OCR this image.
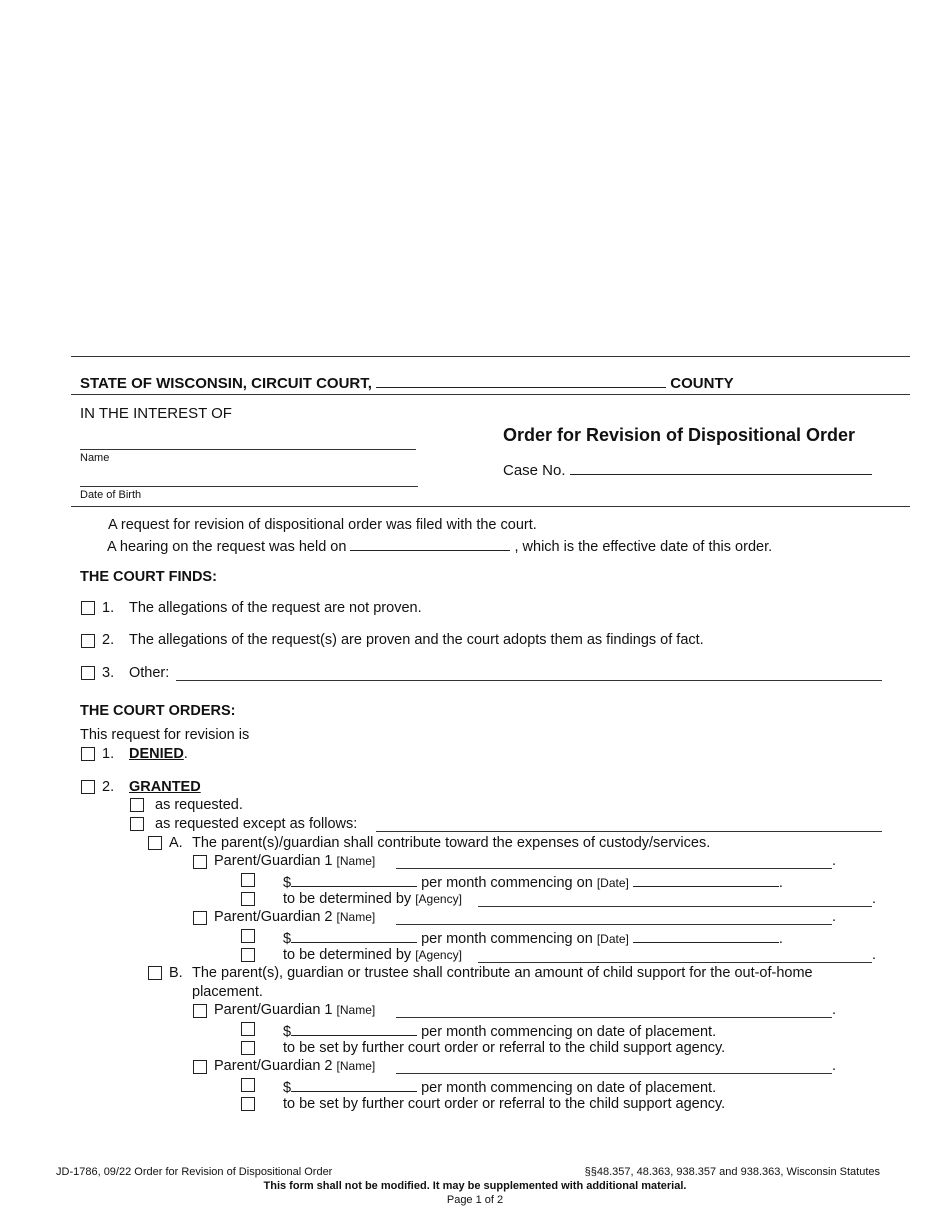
STATE OF WISCONSIN, CIRCUIT COURT,	COUNTY
IN THE INTEREST OF
Name
Date of Birth
Order for Revision of Dispositional Order
Case No.
A request for revision of dispositional order was filed with the court.
A hearing on the request was held on	, which is the effective date of this order.
THE COURT FINDS:
1. The allegations of the request are not proven.
2. The allegations of the request(s) are proven and the court adopts them as findings of fact.
3. Other:
THE COURT ORDERS:
This request for revision is
1. DENIED.
2. GRANTED
as requested.
as requested except as follows:
A. The parent(s)/guardian shall contribute toward the expenses of custody/services.
Parent/Guardian 1 [Name]	.
$	per month commencing on [Date]	.
to be determined by [Agency]	.
Parent/Guardian 2 [Name]	.
$	per month commencing on [Date]	.
to be determined by [Agency]	.
B. The parent(s), guardian or trustee shall contribute an amount of child support for the out-of-home
placement.
Parent/Guardian 1 [Name]	.
$	per month commencing on date of placement.
to be set by further court order or referral to the child support agency.
Parent/Guardian 2 [Name]	.
$	per month commencing on date of placement.
to be set by further court order or referral to the child support agency.
JD-1786, 09/22 Order for Revision of Dispositional Order	§§48.357, 48.363, 938.357 and 938.363, Wisconsin Statutes
This form shall not be modified. It may be supplemented with additional material.
Page 1 of 2
